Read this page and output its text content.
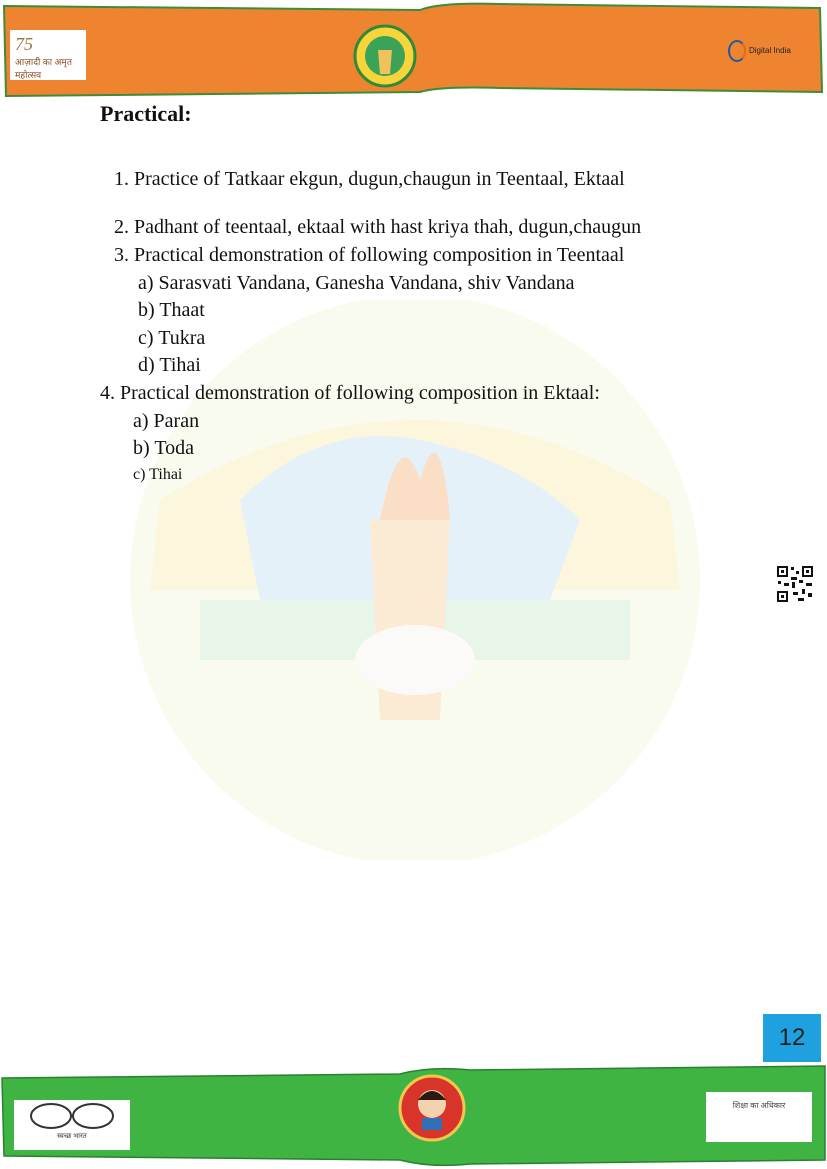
75
आज़ादी का अमृत महोत्सव
Digital India
Practical:
1. Practice of Tatkaar ekgun, dugun,chaugun in Teentaal, Ektaal
2. Padhant of teentaal, ektaal with hast kriya thah, dugun,chaugun
3. Practical demonstration of following composition in Teentaal
a) Sarasvati Vandana, Ganesha Vandana, shiv Vandana
b) Thaat
c) Tukra
d) Tihai
4. Practical demonstration of following composition in Ektaal:
a) Paran
b) Toda
c) Tihai
12
स्वच्छ भारत
शिक्षा का अधिकार
